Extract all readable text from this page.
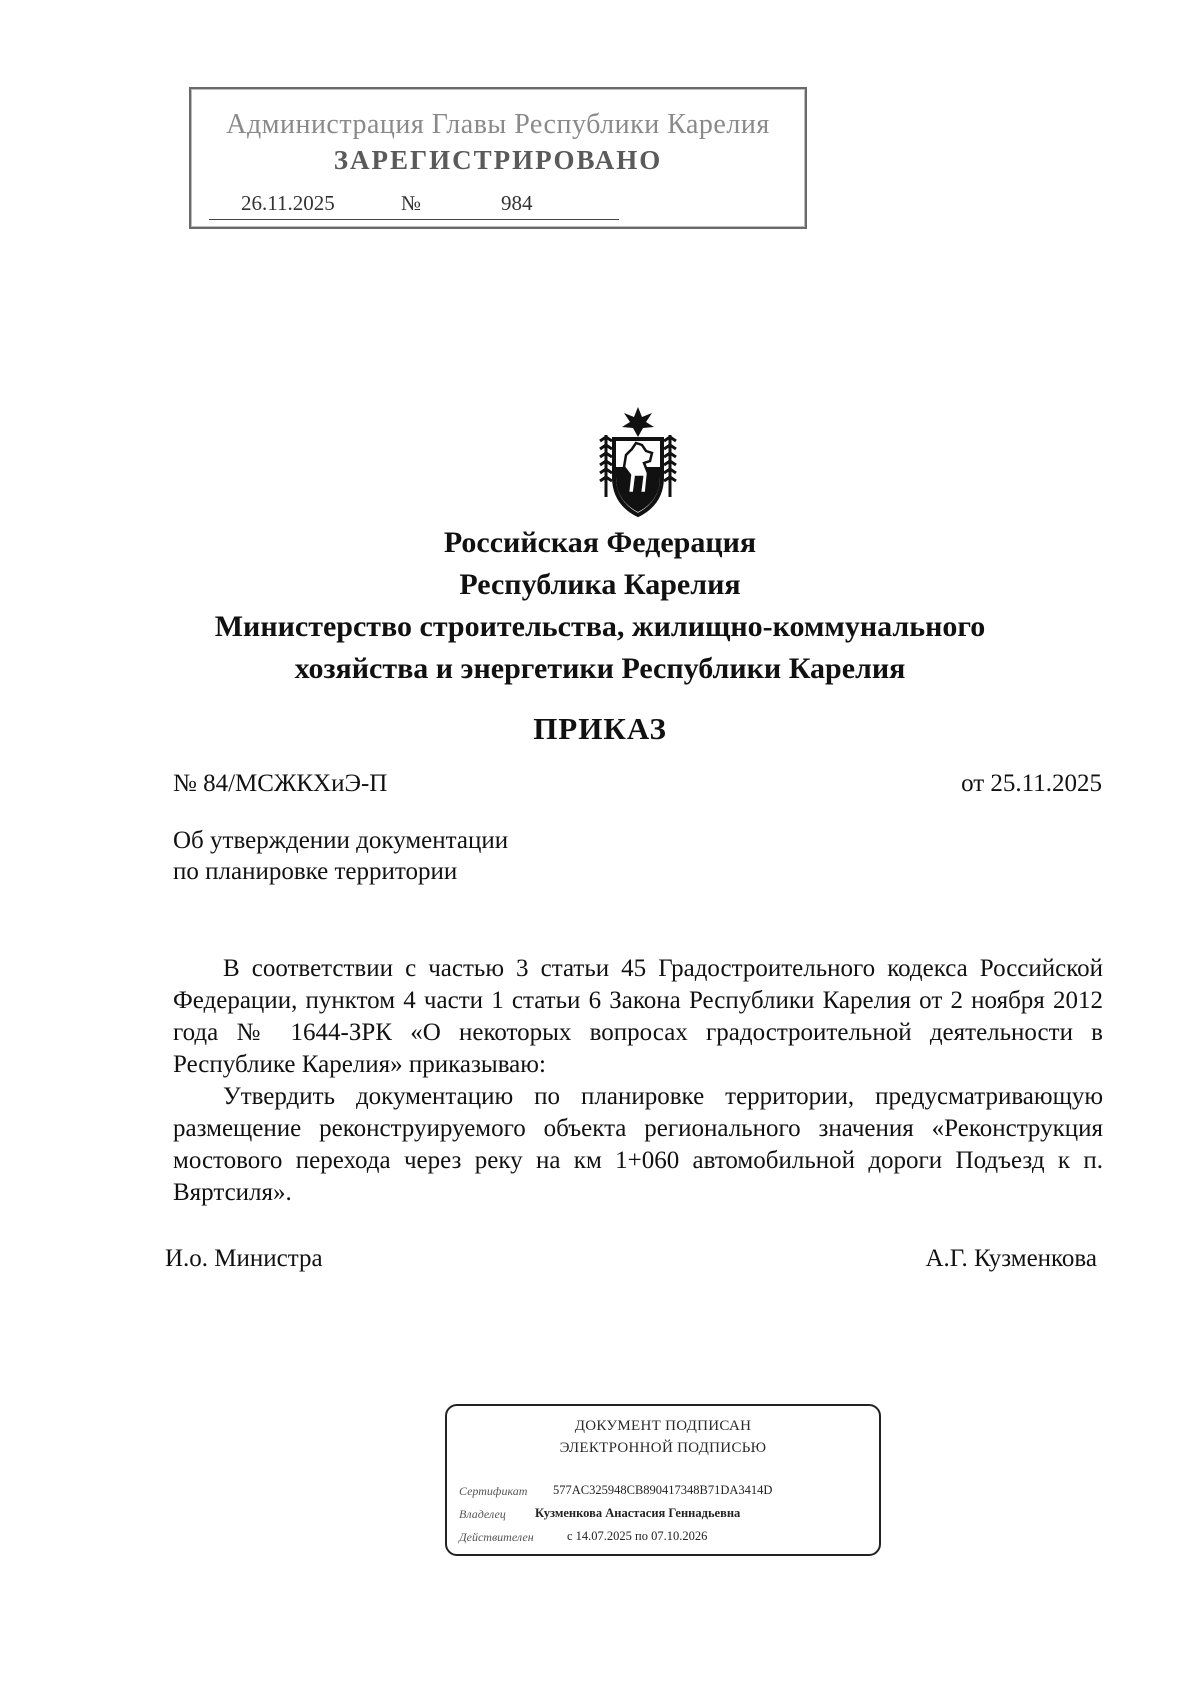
Администрация Главы Республики Карелия
ЗАРЕГИСТРИРОВАНО
26.11.2025	№	984
Российская Федерация
Республика Карелия
Министерство строительства, жилищно-коммунального
хозяйства и энергетики Республики Карелия
ПРИКАЗ
№ 84/МСЖКХиЭ-П	от 25.11.2025
Об утверждении документации
по планировке территории
В соответствии с частью 3 статьи 45 Градостроительного кодекса Российской Федерации, пунктом 4 части 1 статьи 6 Закона Республики Карелия от 2 ноября 2012 года № 1644-ЗРК «О некоторых вопросах градостроительной деятельности в Республике Карелия» приказываю:
Утвердить документацию по планировке территории, предусматривающую размещение реконструируемого объекта регионального значения «Реконструкция мостового перехода через реку на км 1+060 автомобильной дороги Подъезд к п. Вяртсиля».
И.о. Министра	А.Г. Кузменкова
ДОКУМЕНТ ПОДПИСАН
ЭЛЕКТРОННОЙ ПОДПИСЬЮ
Сертификат 577AC325948CB890417348B71DA3414D
Владелец Кузменкова Анастасия Геннадьевна
Действителен	с 14.07.2025 по 07.10.2026
